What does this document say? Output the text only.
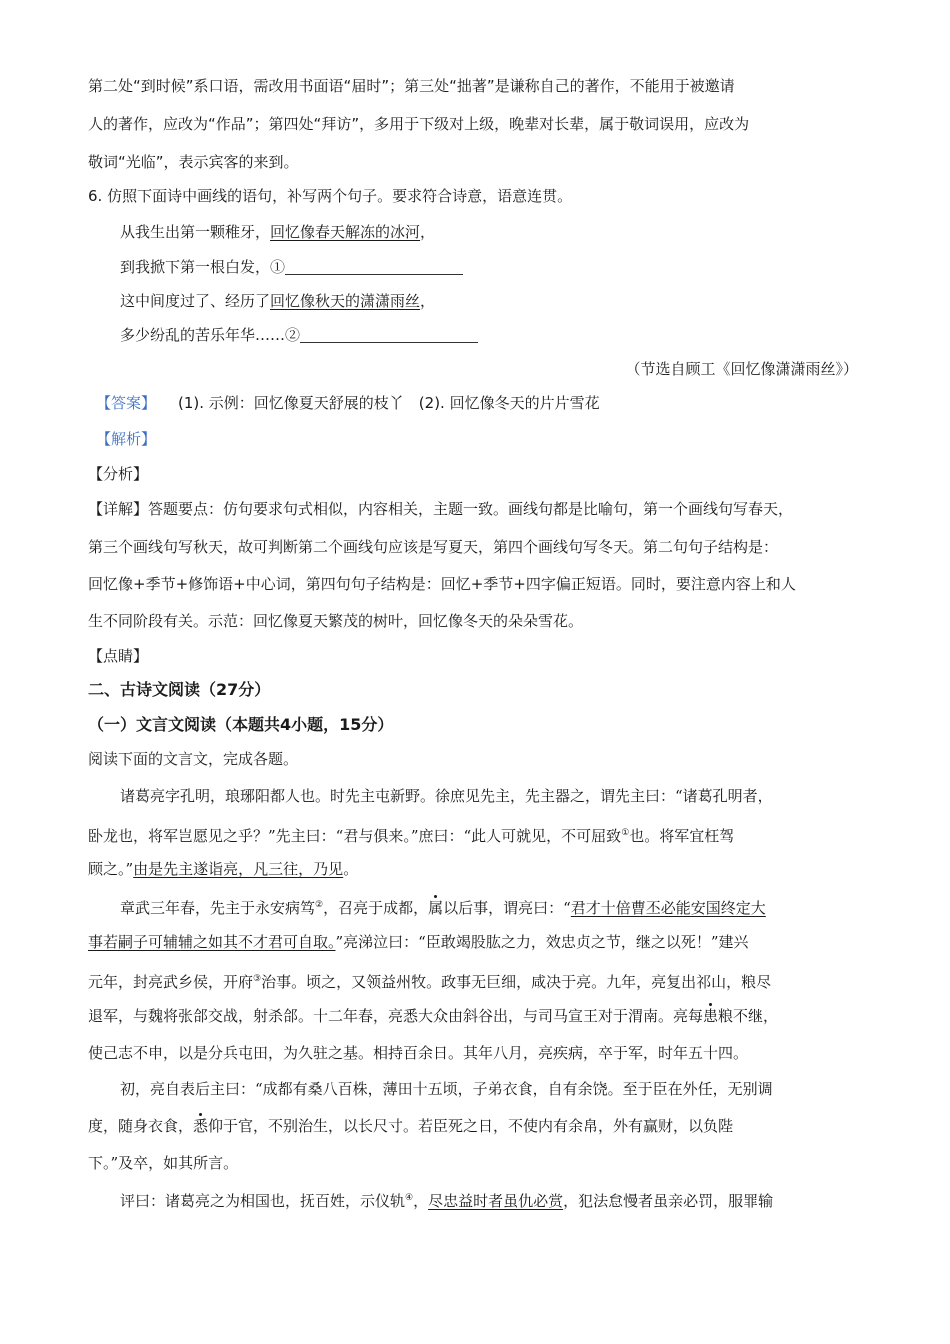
第二处“到时候”系口语，需改用书面语“届时”；第三处“拙著”是谦称自己的著作，不能用于被邀请
人的著作，应改为“作品”；第四处“拜访”，多用于下级对上级，晚辈对长辈，属于敬词误用，应改为
敬词“光临”，表示宾客的来到。
6. 仿照下面诗中画线的语句，补写两个句子。要求符合诗意，语意连贯。
从我生出第一颗稚牙，回忆像春天解冻的冰河，
到我掀下第一根白发，①
这中间度过了、经历了回忆像秋天的潇潇雨丝，
多少纷乱的苦乐年华……②
（节选自顾工《回忆像潇潇雨丝》）
【答案】 (1). 示例：回忆像夏天舒展的枝丫　(2). 回忆像冬天的片片雪花
【解析】
【分析】
【详解】答题要点：仿句要求句式相似，内容相关，主题一致。画线句都是比喻句，第一个画线句写春天，
第三个画线句写秋天，故可判断第二个画线句应该是写夏天，第四个画线句写冬天。第二句句子结构是：
回忆像+季节+修饰语+中心词，第四句句子结构是：回忆+季节+四字偏正短语。同时，要注意内容上和人
生不同阶段有关。示范：回忆像夏天繁茂的树叶，回忆像冬天的朵朵雪花。
【点睛】
二、古诗文阅读（27分）
（一）文言文阅读（本题共4小题，15分）
阅读下面的文言文，完成各题。
诸葛亮字孔明，琅琊阳都人也。时先主屯新野。徐庶见先主，先主器之，谓先主曰：“诸葛孔明者，
卧龙也，将军岂愿见之乎？”先主曰：“君与俱来。”庶曰：“此人可就见，不可屈致①也。将军宜枉驾
顾之。”由是先主遂诣亮，凡三往，乃见。
章武三年春，先主于永安病笃②，召亮于成都，属以后事，谓亮曰：“君才十倍曹丕必能安国终定大
事若嗣子可辅辅之如其不才君可自取。”亮涕泣曰：“臣敢竭股肱之力，效忠贞之节，继之以死！”建兴
元年，封亮武乡侯，开府③治事。顷之，又领益州牧。政事无巨细，咸决于亮。九年，亮复出祁山，粮尽
退军，与魏将张郃交战，射杀郃。十二年春，亮悉大众由斜谷出，与司马宣王对于渭南。亮每患粮不继，
使己志不申，以是分兵屯田，为久驻之基。相持百余日。其年八月，亮疾病，卒于军，时年五十四。
初，亮自表后主曰：“成都有桑八百株，薄田十五顷，子弟衣食，自有余饶。至于臣在外任，无别调
度，随身衣食，悉仰于官，不别治生，以长尺寸。若臣死之日，不使内有余帛，外有赢财，以负陛
下。”及卒，如其所言。
评曰：诸葛亮之为相国也，抚百姓，示仪轨④，尽忠益时者虽仇必赏，犯法怠慢者虽亲必罚，服罪输
